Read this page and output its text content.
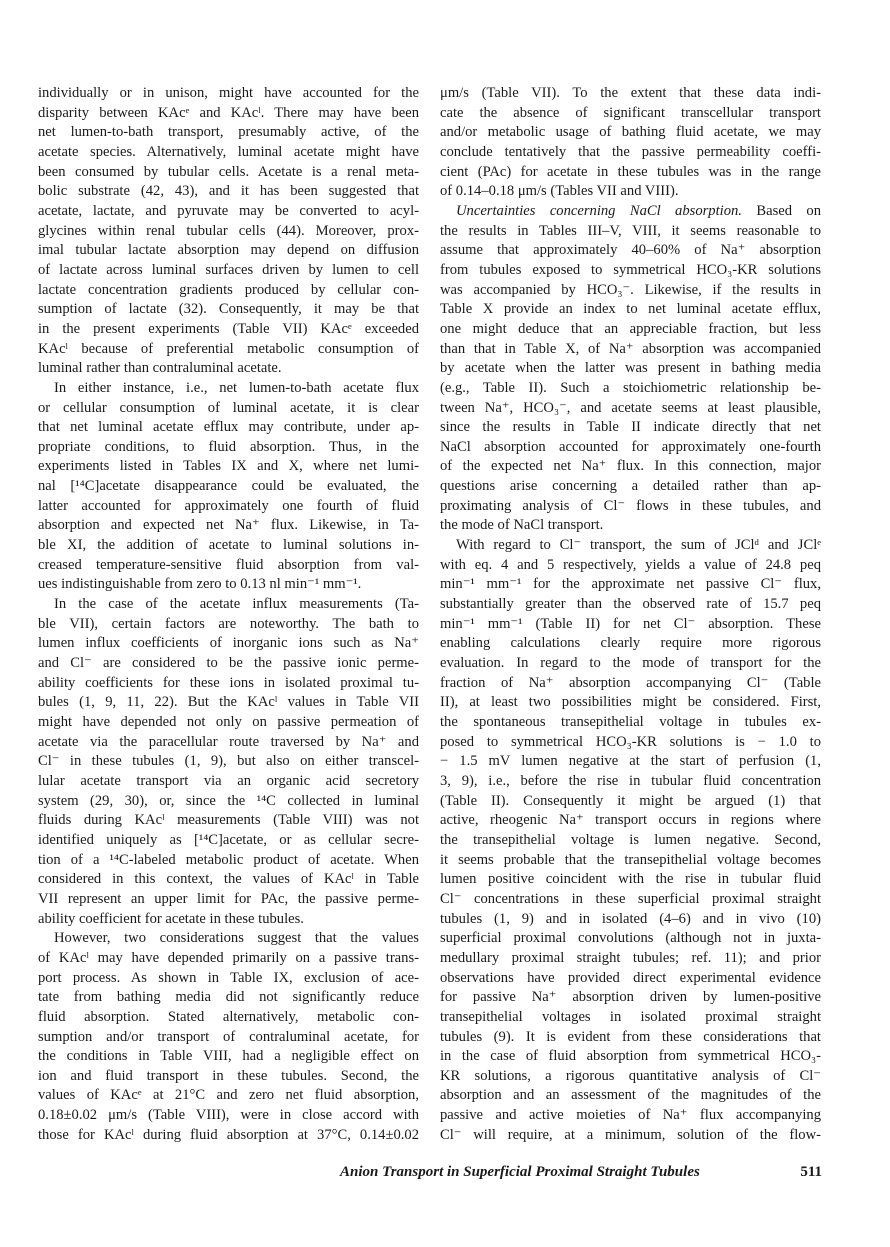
individually or in unison, might have accounted for the
disparity between KAcᵉ and KAcˡ. There may have been
net lumen-to-bath transport, presumably active, of the
acetate species. Alternatively, luminal acetate might have
been consumed by tubular cells. Acetate is a renal meta-
bolic substrate (42, 43), and it has been suggested that
acetate, lactate, and pyruvate may be converted to acyl-
glycines within renal tubular cells (44). Moreover, prox-
imal tubular lactate absorption may depend on diffusion
of lactate across luminal surfaces driven by lumen to cell
lactate concentration gradients produced by cellular con-
sumption of lactate (32). Consequently, it may be that
in the present experiments (Table VII) KAcᵉ exceeded
KAcˡ because of preferential metabolic consumption of
luminal rather than contraluminal acetate.
In either instance, i.e., net lumen-to-bath acetate flux
or cellular consumption of luminal acetate, it is clear
that net luminal acetate efflux may contribute, under ap-
propriate conditions, to fluid absorption. Thus, in the
experiments listed in Tables IX and X, where net lumi-
nal [¹⁴C]acetate disappearance could be evaluated, the
latter accounted for approximately one fourth of fluid
absorption and expected net Na⁺ flux. Likewise, in Ta-
ble XI, the addition of acetate to luminal solutions in-
creased temperature-sensitive fluid absorption from val-
ues indistinguishable from zero to 0.13 nl min⁻¹ mm⁻¹.
In the case of the acetate influx measurements (Ta-
ble VII), certain factors are noteworthy. The bath to
lumen influx coefficients of inorganic ions such as Na⁺
and Cl⁻ are considered to be the passive ionic perme-
ability coefficients for these ions in isolated proximal tu-
bules (1, 9, 11, 22). But the KAcˡ values in Table VII
might have depended not only on passive permeation of
acetate via the paracellular route traversed by Na⁺ and
Cl⁻ in these tubules (1, 9), but also on either transcel-
lular acetate transport via an organic acid secretory
system (29, 30), or, since the ¹⁴C collected in luminal
fluids during KAcˡ measurements (Table VIII) was not
identified uniquely as [¹⁴C]acetate, or as cellular secre-
tion of a ¹⁴C-labeled metabolic product of acetate. When
considered in this context, the values of KAcˡ in Table
VII represent an upper limit for PAc, the passive perme-
ability coefficient for acetate in these tubules.
However, two considerations suggest that the values
of KAcˡ may have depended primarily on a passive trans-
port process. As shown in Table IX, exclusion of ace-
tate from bathing media did not significantly reduce
fluid absorption. Stated alternatively, metabolic con-
sumption and/or transport of contraluminal acetate, for
the conditions in Table VIII, had a negligible effect on
ion and fluid transport in these tubules. Second, the
values of KAcᵉ at 21°C and zero net fluid absorption,
0.18±0.02 μm/s (Table VIII), were in close accord with
those for KAcˡ during fluid absorption at 37°C, 0.14±0.02
μm/s (Table VII). To the extent that these data indi-
cate the absence of significant transcellular transport
and/or metabolic usage of bathing fluid acetate, we may
conclude tentatively that the passive permeability coeffi-
cient (PAc) for acetate in these tubules was in the range
of 0.14–0.18 μm/s (Tables VII and VIII).
Uncertainties concerning NaCl absorption. Based on
the results in Tables III–V, VIII, it seems reasonable to
assume that approximately 40–60% of Na⁺ absorption
from tubules exposed to symmetrical HCO₃-KR solutions
was accompanied by HCO₃⁻. Likewise, if the results in
Table X provide an index to net luminal acetate efflux,
one might deduce that an appreciable fraction, but less
than that in Table X, of Na⁺ absorption was accompanied
by acetate when the latter was present in bathing media
(e.g., Table II). Such a stoichiometric relationship be-
tween Na⁺, HCO₃⁻, and acetate seems at least plausible,
since the results in Table II indicate directly that net
NaCl absorption accounted for approximately one-fourth
of the expected net Na⁺ flux. In this connection, major
questions arise concerning a detailed rather than ap-
proximating analysis of Cl⁻ flows in these tubules, and
the mode of NaCl transport.
With regard to Cl⁻ transport, the sum of JClᵈ and JClᵉ
with eq. 4 and 5 respectively, yields a value of 24.8 peq
min⁻¹ mm⁻¹ for the approximate net passive Cl⁻ flux,
substantially greater than the observed rate of 15.7 peq
min⁻¹ mm⁻¹ (Table II) for net Cl⁻ absorption. These
enabling calculations clearly require more rigorous
evaluation. In regard to the mode of transport for the
fraction of Na⁺ absorption accompanying Cl⁻ (Table
II), at least two possibilities might be considered. First,
the spontaneous transepithelial voltage in tubules ex-
posed to symmetrical HCO₃-KR solutions is − 1.0 to
− 1.5 mV lumen negative at the start of perfusion (1,
3, 9), i.e., before the rise in tubular fluid concentration
(Table II). Consequently it might be argued (1) that
active, rheogenic Na⁺ transport occurs in regions where
the transepithelial voltage is lumen negative. Second,
it seems probable that the transepithelial voltage becomes
lumen positive coincident with the rise in tubular fluid
Cl⁻ concentrations in these superficial proximal straight
tubules (1, 9) and in isolated (4–6) and in vivo (10)
superficial proximal convolutions (although not in juxta-
medullary proximal straight tubules; ref. 11); and prior
observations have provided direct experimental evidence
for passive Na⁺ absorption driven by lumen-positive
transepithelial voltages in isolated proximal straight
tubules (9). It is evident from these considerations that
in the case of fluid absorption from symmetrical HCO₃-
KR solutions, a rigorous quantitative analysis of Cl⁻
absorption and an assessment of the magnitudes of the
passive and active moieties of Na⁺ flux accompanying
Cl⁻ will require, at a minimum, solution of the flow-
Anion Transport in Superficial Proximal Straight Tubules	511
